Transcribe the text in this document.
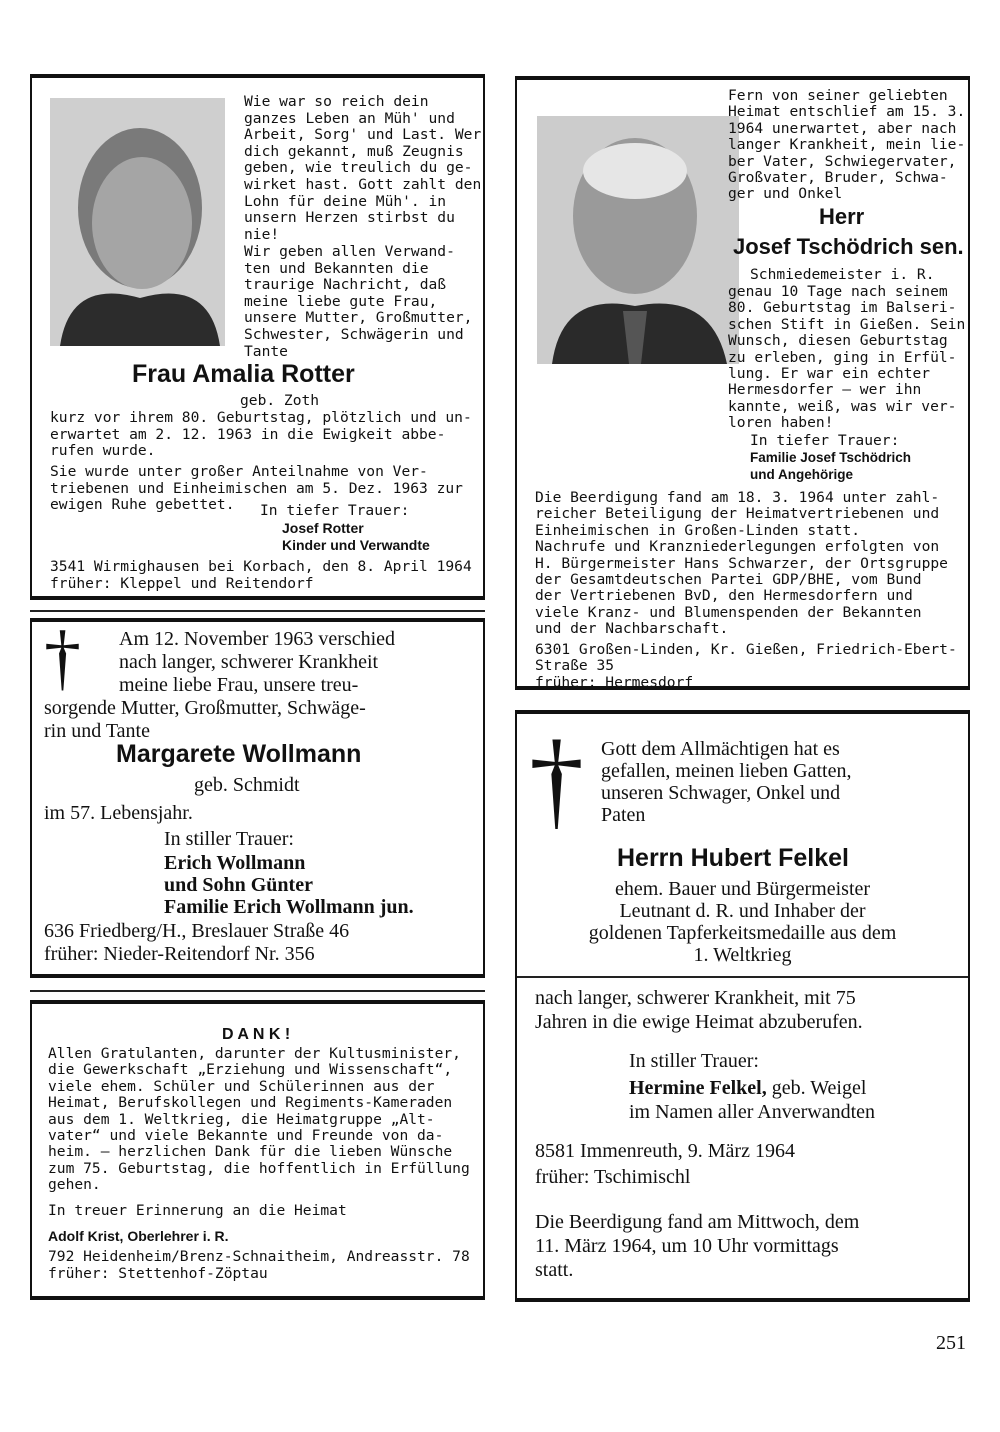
Wie war so reich dein
ganzes Leben an Müh' und
Arbeit, Sorg' und Last. Wer
dich gekannt, muß Zeugnis
geben, wie treulich du ge-
wirket hast. Gott zahlt den
Lohn für deine Müh'. in
unsern Herzen stirbst du
nie!
Wir geben allen Verwand-
ten und Bekannten die
traurige Nachricht, daß
meine liebe gute Frau,
unsere Mutter, Großmutter,
Schwester, Schwägerin und
Tante
Frau Amalia Rotter
geb. Zoth
kurz vor ihrem 80. Geburtstag, plötzlich und un-
erwartet am 2. 12. 1963 in die Ewigkeit abbe-
rufen wurde.
Sie wurde unter großer Anteilnahme von Ver-
triebenen und Einheimischen am 5. Dez. 1963 zur
ewigen Ruhe gebettet.	In tiefer Trauer:
Josef Rotter
Kinder und Verwandte
3541 Wirmighausen bei Korbach, den 8. April 1964
früher: Kleppel und Reitendorf
Fern von seiner geliebten
Heimat entschlief am 15. 3.
1964 unerwartet, aber nach
langer Krankheit, mein lie-
ber Vater, Schwiegervater,
Großvater, Bruder, Schwa-
ger und Onkel
Herr
Josef Tschödrich sen.
Schmiedemeister i. R.
genau 10 Tage nach seinem
80. Geburtstag im Balseri-
schen Stift in Gießen. Sein
Wunsch, diesen Geburtstag
zu erleben, ging in Erfül-
lung. Er war ein echter
Hermesdorfer — wer ihn
kannte, weiß, was wir ver-
loren haben!
In tiefer Trauer:
Familie Josef Tschödrich
und Angehörige
Die Beerdigung fand am 18. 3. 1964 unter zahl-
reicher Beteiligung der Heimatvertriebenen und
Einheimischen in Großen-Linden statt.
Nachrufe und Kranzniederlegungen erfolgten von
H. Bürgermeister Hans Schwarzer, der Ortsgruppe
der Gesamtdeutschen Partei GDP/BHE, vom Bund
der Vertriebenen BvD, den Hermesdorfern und
viele Kranz- und Blumenspenden der Bekannten
und der Nachbarschaft.
6301 Großen-Linden, Kr. Gießen, Friedrich-Ebert-
Straße 35
früher: Hermesdorf
†	Am 12. November 1963 verschied
nach langer, schwerer Krankheit
meine liebe Frau, unsere treu-
sorgende Mutter, Großmutter, Schwäge-
rin und Tante
Margarete Wollmann
geb. Schmidt
im 57. Lebensjahr.
In stiller Trauer:
Erich Wollmann
und Sohn Günter
Familie Erich Wollmann jun.
636 Friedberg/H., Breslauer Straße 46
früher: Nieder-Reitendorf Nr. 356
D A N K !
Allen Gratulanten, darunter der Kultusminister,
die Gewerkschaft „Erziehung und Wissenschaft“,
viele ehem. Schüler und Schülerinnen aus der
Heimat, Berufskollegen und Regiments-Kameraden
aus dem 1. Weltkrieg, die Heimatgruppe „Alt-
vater“ und viele Bekannte und Freunde von da-
heim. — herzlichen Dank für die lieben Wünsche
zum 75. Geburtstag, die hoffentlich in Erfüllung
gehen.
In treuer Erinnerung an die Heimat
Adolf Krist, Oberlehrer i. R.
792 Heidenheim/Brenz-Schnaitheim, Andreasstr. 78
früher: Stettenhof-Zöptau
† Gott dem Allmächtigen hat es
gefallen, meinen lieben Gatten,
unseren Schwager, Onkel und
Paten
Herrn Hubert Felkel
ehem. Bauer und Bürgermeister
Leutnant d. R. und Inhaber der
goldenen Tapferkeitsmedaille aus dem
1. Weltkrieg
nach langer, schwerer Krankheit, mit 75
Jahren in die ewige Heimat abzuberufen.
In stiller Trauer:
Hermine Felkel, geb. Weigel
im Namen aller Anverwandten
8581 Immenreuth, 9. März 1964
früher: Tschimischl
Die Beerdigung fand am Mittwoch, dem
11. März 1964, um 10 Uhr vormittags
statt.
251
